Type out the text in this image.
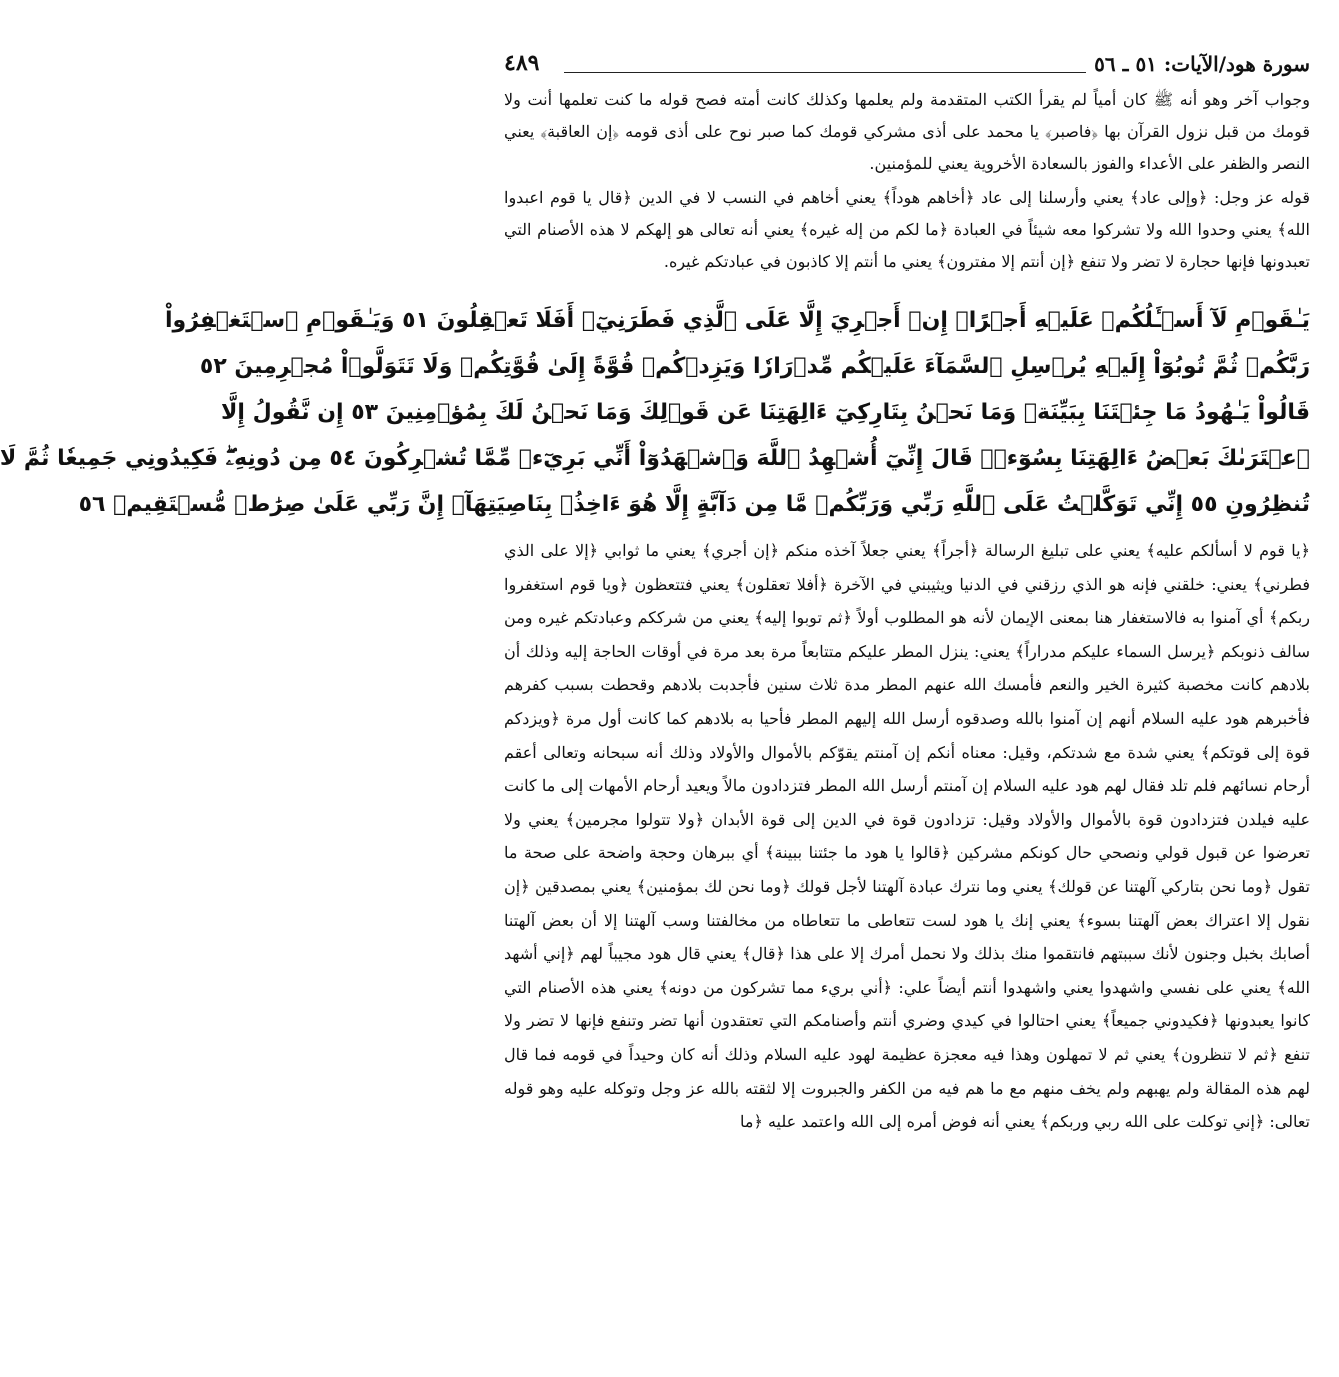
سورة هود/الآيات: ٥١ ـ ٥٦
٤٨٩

وجواب آخر وهو أنه ﷺ كان أمياً لم يقرأ الكتب المتقدمة ولم يعلمها وكذلك كانت أمته فصح قوله ما كنت تعلمها أنت ولا قومك من قبل نزول القرآن بها ﴿فاصبر﴾ يا محمد على أذى مشركي قومك كما صبر نوح على أذى قومه ﴿إن العاقبة﴾ يعني النصر والظفر على الأعداء والفوز بالسعادة الأخروية يعني للمؤمنين.

قوله عز وجل: ﴿وإلى عاد﴾ يعني وأرسلنا إلى عاد ﴿أخاهم هوداً﴾ يعني أخاهم في النسب لا في الدين ﴿قال يا قوم اعبدوا الله﴾ يعني وحدوا الله ولا تشركوا معه شيئاً في العبادة ﴿ما لكم من إله غيره﴾ يعني أنه تعالى هو إلهكم لا هذه الأصنام التي تعبدونها فإنها حجارة لا تضر ولا تنفع ﴿إن أنتم إلا مفترون﴾ يعني ما أنتم إلا كاذبون في عبادتكم غيره.

يَـٰقَوۡمِ لَآ أَسۡـَٔلُكُمۡ عَلَيۡهِ أَجۡرًاۖ إِنۡ أَجۡرِيَ إِلَّا عَلَى ٱلَّذِي فَطَرَنِيٓۚ أَفَلَا تَعۡقِلُونَ ٥١ وَيَـٰقَوۡمِ ٱسۡتَغۡفِرُواْ
رَبَّكُمۡ ثُمَّ تُوبُوٓاْ إِلَيۡهِ يُرۡسِلِ ٱلسَّمَآءَ عَلَيۡكُم مِّدۡرَارٗا وَيَزِدۡكُمۡ قُوَّةً إِلَىٰ قُوَّتِكُمۡ وَلَا تَتَوَلَّوۡاْ مُجۡرِمِينَ ٥٢
قَالُواْ يَـٰهُودُ مَا جِئۡتَنَا بِبَيِّنَةٖ وَمَا نَحۡنُ بِتَارِكِيٓ ءَالِهَتِنَا عَن قَوۡلِكَ وَمَا نَحۡنُ لَكَ بِمُؤۡمِنِينَ ٥٣ إِن نَّقُولُ إِلَّا
ٱعۡتَرَىٰكَ بَعۡضُ ءَالِهَتِنَا بِسُوٓءٖۗ قَالَ إِنِّيٓ أُشۡهِدُ ٱللَّهَ وَٱشۡهَدُوٓاْ أَنِّي بَرِيٓءٞ مِّمَّا تُشۡرِكُونَ ٥٤ مِن دُونِهِۦۖ فَكِيدُونِي جَمِيعٗا ثُمَّ لَا
تُنظِرُونِ ٥٥ إِنِّي تَوَكَّلۡتُ عَلَى ٱللَّهِ رَبِّي وَرَبِّكُمۚ مَّا مِن دَآبَّةٍ إِلَّا هُوَ ءَاخِذُۢ بِنَاصِيَتِهَآۚ إِنَّ رَبِّي عَلَىٰ صِرَٰطٖ مُّسۡتَقِيمٖ ٥٦

﴿يا قوم لا أسألكم عليه﴾ يعني على تبليغ الرسالة ﴿أجراً﴾ يعني جعلاً آخذه منكم ﴿إن أجري﴾ يعني ما ثوابي ﴿إلا على الذي فطرني﴾ يعني: خلقني فإنه هو الذي رزقني في الدنيا ويثيبني في الآخرة ﴿أفلا تعقلون﴾ يعني فتتعظون ﴿ويا قوم استغفروا ربكم﴾ أي آمنوا به فالاستغفار هنا بمعنى الإيمان لأنه هو المطلوب أولاً ﴿ثم توبوا إليه﴾ يعني من شرككم وعبادتكم غيره ومن سالف ذنوبكم ﴿يرسل السماء عليكم مدراراً﴾ يعني: ينزل المطر عليكم متتابعاً مرة بعد مرة في أوقات الحاجة إليه وذلك أن بلادهم كانت مخصبة كثيرة الخير والنعم فأمسك الله عنهم المطر مدة ثلاث سنين فأجدبت بلادهم وقحطت بسبب كفرهم فأخبرهم هود عليه السلام أنهم إن آمنوا بالله وصدقوه أرسل الله إليهم المطر فأحيا به بلادهم كما كانت أول مرة ﴿ويزدكم قوة إلى قوتكم﴾ يعني شدة مع شدتكم، وقيل: معناه أنكم إن آمنتم يقوّكم بالأموال والأولاد وذلك أنه سبحانه وتعالى أعقم أرحام نسائهم فلم تلد فقال لهم هود عليه السلام إن آمنتم أرسل الله المطر فتزدادون مالاً ويعيد أرحام الأمهات إلى ما كانت عليه فيلدن فتزدادون قوة بالأموال والأولاد وقيل: تزدادون قوة في الدين إلى قوة الأبدان ﴿ولا تتولوا مجرمين﴾ يعني ولا تعرضوا عن قبول قولي ونصحي حال كونكم مشركين ﴿قالوا يا هود ما جئتنا ببينة﴾ أي ببرهان وحجة واضحة على صحة ما تقول ﴿وما نحن بتاركي آلهتنا عن قولك﴾ يعني وما نترك عبادة آلهتنا لأجل قولك ﴿وما نحن لك بمؤمنين﴾ يعني بمصدقين ﴿إن نقول إلا اعتراك بعض آلهتنا بسوء﴾ يعني إنك يا هود لست تتعاطى ما تتعاطاه من مخالفتنا وسب آلهتنا إلا أن بعض آلهتنا أصابك بخبل وجنون لأنك سببتهم فانتقموا منك بذلك ولا نحمل أمرك إلا على هذا ﴿قال﴾ يعني قال هود مجيباً لهم ﴿إني أشهد الله﴾ يعني على نفسي واشهدوا يعني واشهدوا أنتم أيضاً علي: ﴿أني بريء مما تشركون من دونه﴾ يعني هذه الأصنام التي كانوا يعبدونها ﴿فكيدوني جميعاً﴾ يعني احتالوا في كيدي وضري أنتم وأصنامكم التي تعتقدون أنها تضر وتنفع فإنها لا تضر ولا تنفع ﴿ثم لا تنظرون﴾ يعني ثم لا تمهلون وهذا فيه معجزة عظيمة لهود عليه السلام وذلك أنه كان وحيداً في قومه فما قال لهم هذه المقالة ولم يهبهم ولم يخف منهم مع ما هم فيه من الكفر والجبروت إلا لثقته بالله عز وجل وتوكله عليه وهو قوله تعالى: ﴿إني توكلت على الله ربي وربكم﴾ يعني أنه فوض أمره إلى الله واعتمد عليه ﴿ما
